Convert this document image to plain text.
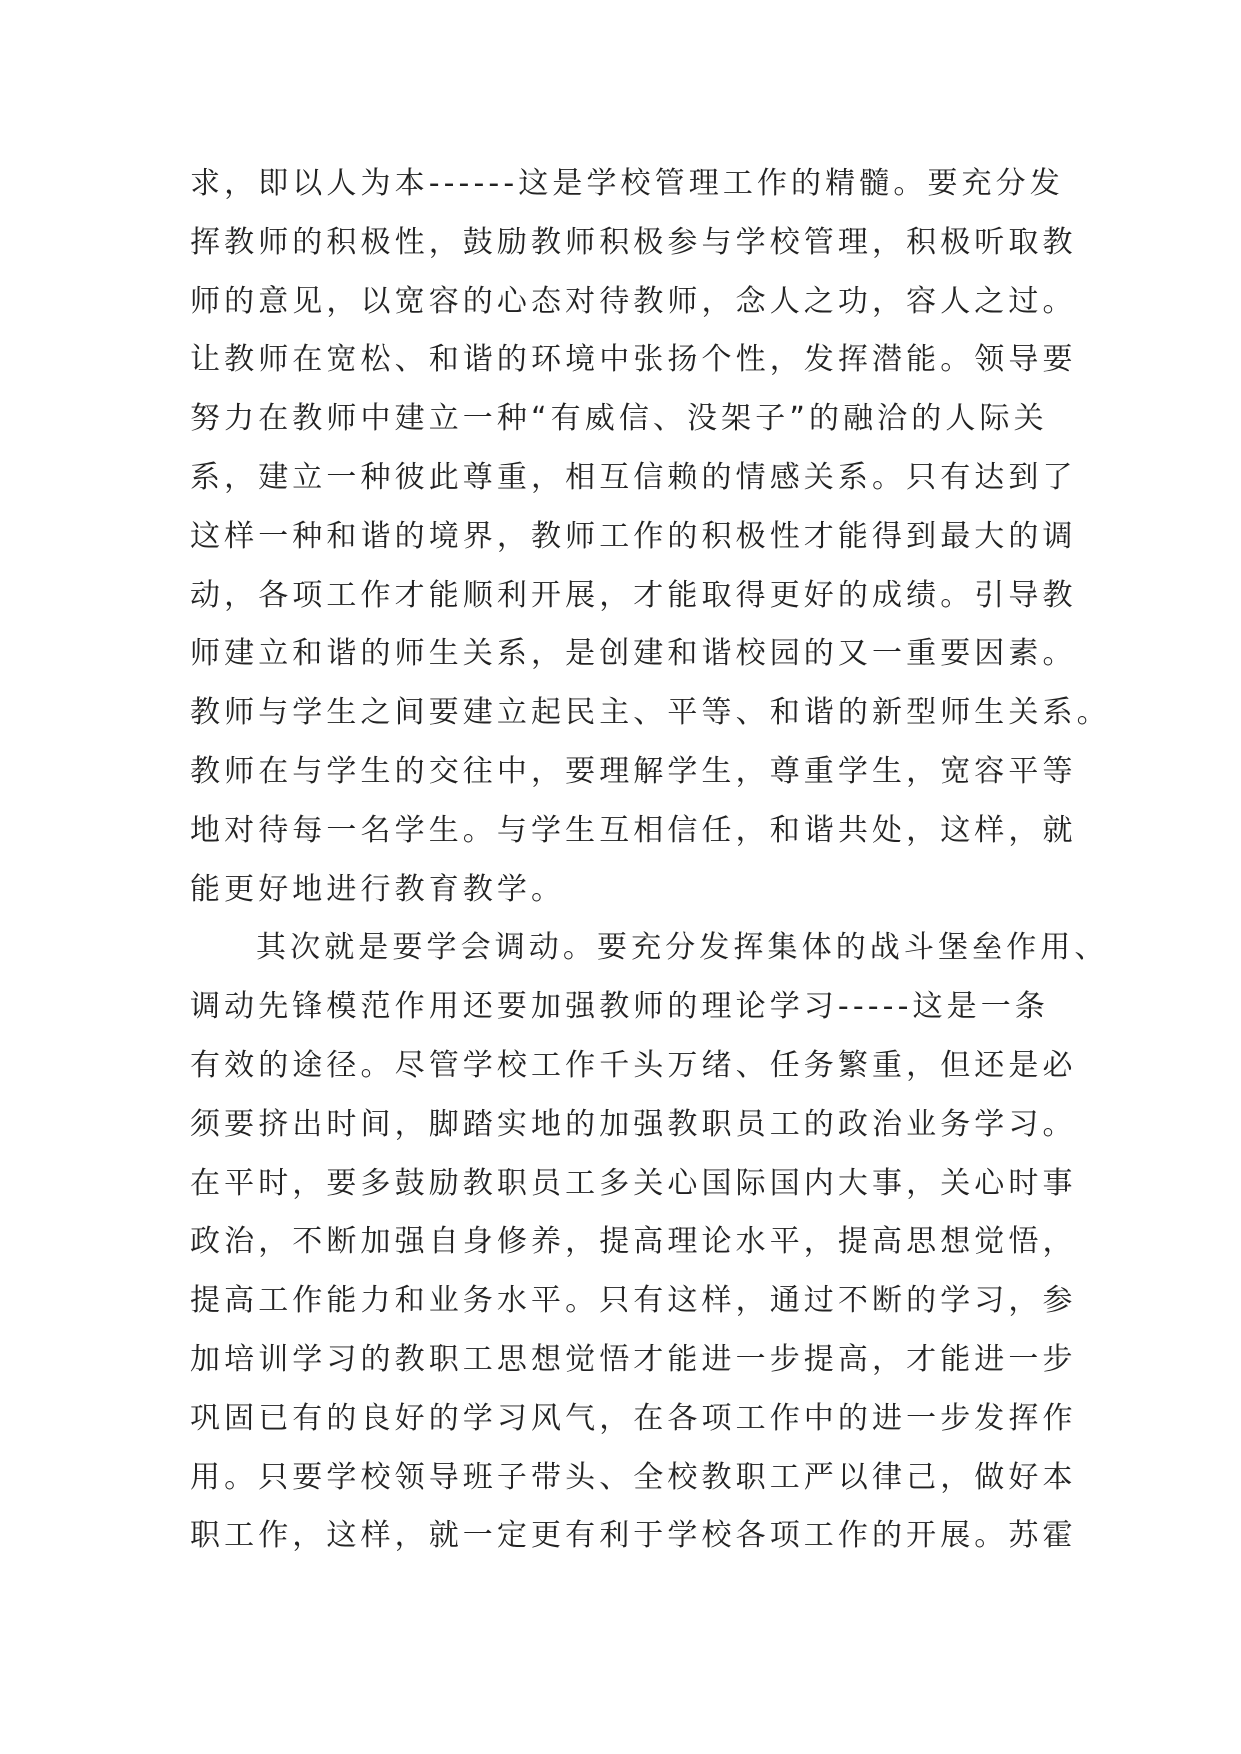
求，即以人为本------这是学校管理工作的精髓。要充分发
挥教师的积极性，鼓励教师积极参与学校管理，积极听取教
师的意见，以宽容的心态对待教师，念人之功，容人之过。
让教师在宽松、和谐的环境中张扬个性，发挥潜能。领导要
努力在教师中建立一种“有威信、没架子”的融洽的人际关
系，建立一种彼此尊重，相互信赖的情感关系。只有达到了
这样一种和谐的境界，教师工作的积极性才能得到最大的调
动，各项工作才能顺利开展，才能取得更好的成绩。引导教
师建立和谐的师生关系，是创建和谐校园的又一重要因素。
教师与学生之间要建立起民主、平等、和谐的新型师生关系。
教师在与学生的交往中，要理解学生，尊重学生，宽容平等
地对待每一名学生。与学生互相信任，和谐共处，这样，就
能更好地进行教育教学。
其次就是要学会调动。要充分发挥集体的战斗堡垒作用、
调动先锋模范作用还要加强教师的理论学习-----这是一条
有效的途径。尽管学校工作千头万绪、任务繁重，但还是必
须要挤出时间，脚踏实地的加强教职员工的政治业务学习。
在平时，要多鼓励教职员工多关心国际国内大事，关心时事
政治，不断加强自身修养，提高理论水平，提高思想觉悟，
提高工作能力和业务水平。只有这样，通过不断的学习，参
加培训学习的教职工思想觉悟才能进一步提高，才能进一步
巩固已有的良好的学习风气，在各项工作中的进一步发挥作
用。只要学校领导班子带头、全校教职工严以律己，做好本
职工作，这样，就一定更有利于学校各项工作的开展。苏霍
